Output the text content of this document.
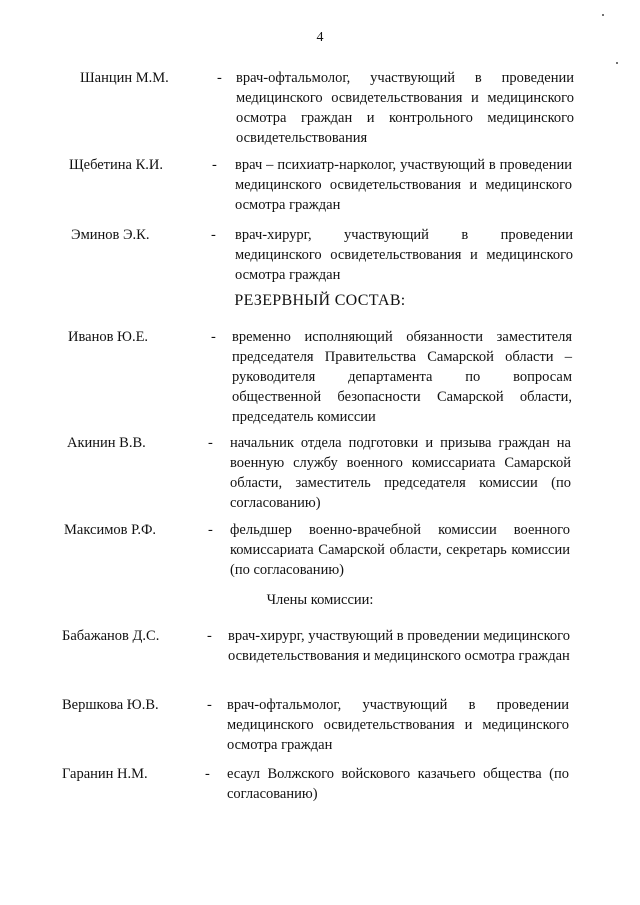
4
Шанцин М.М.	- врач-офтальмолог, участвующий в проведении медицинского освидетельствования и медицинского осмотра граждан и контрольного медицинского освидетельствования
Щебетина К.И.	- врач – психиатр-нарколог, участвующий в проведении медицинского освидетельствования и медицинского осмотра граждан
Эминов Э.К.	- врач-хирург, участвующий в проведении медицинского освидетельствования и медицинского осмотра граждан
РЕЗЕРВНЫЙ СОСТАВ:
Иванов Ю.Е.	- временно исполняющий обязанности заместителя председателя Правительства Самарской области – руководителя департамента по вопросам общественной безопасности Самарской области, председатель комиссии
Акинин В.В.	- начальник отдела подготовки и призыва граждан на военную службу военного комиссариата Самарской области, заместитель председателя комиссии (по согласованию)
Максимов Р.Ф.	- фельдшер военно-врачебной комиссии военного комиссариата Самарской области, секретарь комиссии (по согласованию)
Члены комиссии:
Бабажанов Д.С.	- врач-хирург, участвующий в проведении медицинского освидетельствования и медицинского осмотра граждан
Вершкова Ю.В.	- врач-офтальмолог, участвующий в проведении медицинского освидетельствования и медицинского осмотра граждан
Гаранин Н.М.	- есаул Волжского войскового казачьего общества (по согласованию)
